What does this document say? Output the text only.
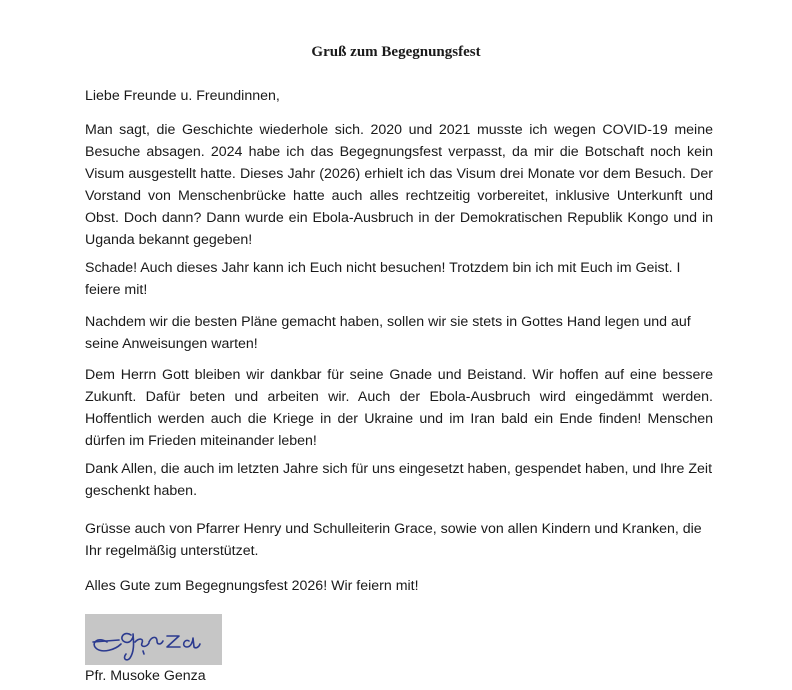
Gruß zum Begegnungsfest

Liebe Freunde u. Freundinnen,

Man sagt, die Geschichte wiederhole sich. 2020 und 2021 musste ich wegen COVID-19 meine Besuche absagen. 2024 habe ich das Begegnungsfest verpasst, da mir die Botschaft noch kein Visum ausgestellt hatte. Dieses Jahr (2026) erhielt ich das Visum drei Monate vor dem Besuch. Der Vorstand von Menschenbrücke hatte auch alles rechtzeitig vorbereitet, inklusive Unterkunft und Obst. Doch dann? Dann wurde ein Ebola-Ausbruch in der Demokratischen Republik Kongo und in Uganda bekannt gegeben!

Schade! Auch dieses Jahr kann ich Euch nicht besuchen! Trotzdem bin ich mit Euch im Geist. I feiere mit!

Nachdem wir die besten Pläne gemacht haben, sollen wir sie stets in Gottes Hand legen und auf seine Anweisungen warten!

Dem Herrn Gott bleiben wir dankbar für seine Gnade und Beistand. Wir hoffen auf eine bessere Zukunft. Dafür beten und arbeiten wir. Auch der Ebola-Ausbruch wird eingedämmt werden. Hoffentlich werden auch die Kriege in der Ukraine und im Iran bald ein Ende finden! Menschen dürfen im Frieden miteinander leben!

Dank Allen, die auch im letzten Jahre sich für uns eingesetzt haben, gespendet haben, und Ihre Zeit geschenkt haben.

Grüsse auch von Pfarrer Henry und Schulleiterin Grace, sowie von allen Kindern und Kranken, die Ihr regelmäßig unterstützet.

Alles Gute zum Begegnungsfest 2026! Wir feiern mit!

Pfr. Musoke Genza
